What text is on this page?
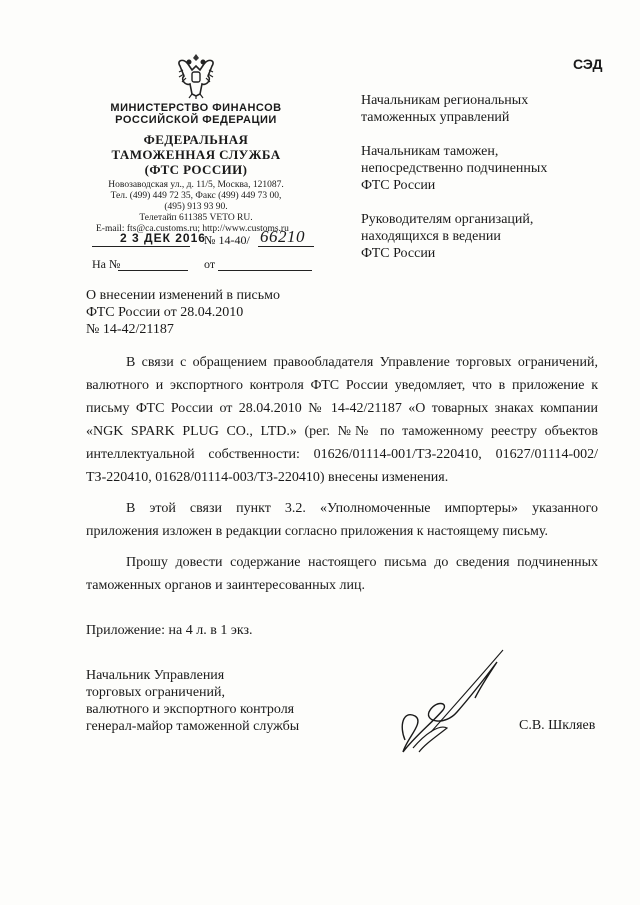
МИНИСТЕРСТВО ФИНАНСОВ
РОССИЙСКОЙ ФЕДЕРАЦИИ
ФЕДЕРАЛЬНАЯ
ТАМОЖЕННАЯ СЛУЖБА
(ФТС РОССИИ)
Новозаводская ул., д. 11/5, Москва, 121087.
Тел. (499) 449 72 35, Факс (499) 449 73 00,
(495) 913 93 90.
Телетайп 611385 VETO RU.
E-mail: fts@ca.customs.ru; http://www.customs.ru
2 3 ДЕК 2016
№ 14-40/ 66210
На №	от
СЭД
Начальникам региональных
таможенных управлений
Начальникам таможен,
непосредственно подчиненных
ФТС России
Руководителям организаций,
находящихся в ведении
ФТС России
О внесении изменений в письмо
ФТС России от 28.04.2010
№ 14-42/21187

В связи с обращением правообладателя Управление торговых ограничений, валютного и экспортного контроля ФТС России уведомляет, что в приложение к письму ФТС России от 28.04.2010 № 14-42/21187 «О товарных знаках компании «NGK SPARK PLUG CO., LTD.» (рег. №№ по таможенному реестру объектов интеллектуальной собственности: 01626/01114-001/ТЗ-220410, 01627/01114-002/ТЗ-220410, 01628/01114-003/ТЗ-220410) внесены изменения.

В этой связи пункт 3.2. «Уполномоченные импортеры» указанного приложения изложен в редакции согласно приложения к настоящему письму.

Прошу довести содержание настоящего письма до сведения подчиненных таможенных органов и заинтересованных лиц.

Приложение: на 4 л. в 1 экз.
Начальник Управления
торговых ограничений,
валютного и экспортного контроля
генерал-майор таможенной службы	С.В. Шкляев
